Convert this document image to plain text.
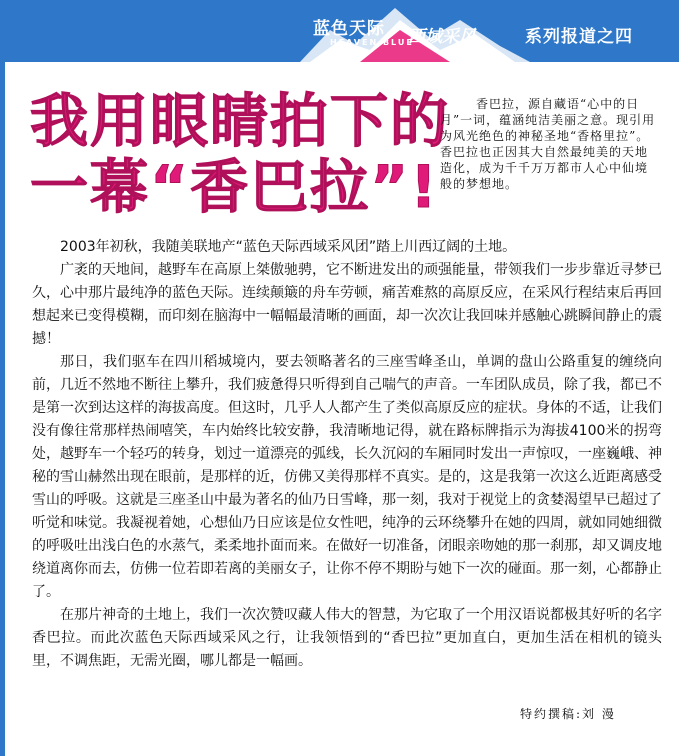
蓝色天际
HEAVEN BLUE
西域采风	系列报道之四
我用眼睛拍下的
一幕“香巴拉”!
香巴拉，源自藏语“心中的日月”一词，蕴涵纯洁美丽之意。现引用为风光绝色的神秘圣地“香格里拉”。香巴拉也正因其大自然最纯美的天地造化，成为千千万万都市人心中仙境般的梦想地。

2003年初秋，我随美联地产“蓝色天际西域采风团”踏上川西辽阔的土地。

广袤的天地间，越野车在高原上桀傲驰骋，它不断进发出的顽强能量，带领我们一步步靠近寻梦已久，心中那片最纯净的蓝色天际。连续颠簸的舟车劳顿，痛苦难熬的高原反应，在采风行程结束后再回想起来已变得模糊，而印刻在脑海中一幅幅最清晰的画面，却一次次让我回味并感触心跳瞬间静止的震撼！

那日，我们驱车在四川稻城境内，要去领略著名的三座雪峰圣山，单调的盘山公路重复的缠绕向前，几近不然地不断往上攀升，我们疲惫得只听得到自己喘气的声音。一车团队成员，除了我，都已不是第一次到达这样的海拔高度。但这时，几乎人人都产生了类似高原反应的症状。身体的不适，让我们没有像往常那样热闹嘻笑，车内始终比较安静，我清晰地记得，就在路标牌指示为海拔4100米的拐弯处，越野车一个轻巧的转身，划过一道漂亮的弧线，长久沉闷的车厢同时发出一声惊叹，一座巍峨、神秘的雪山赫然出现在眼前，是那样的近，仿佛又美得那样不真实。是的，这是我第一次这么近距离感受雪山的呼吸。这就是三座圣山中最为著名的仙乃日雪峰，那一刻，我对于视觉上的贪婪渴望早已超过了听觉和味觉。我凝视着她，心想仙乃日应该是位女性吧，纯净的云环绕攀升在她的四周，就如同她细微的呼吸吐出浅白色的水蒸气，柔柔地扑面而来。在做好一切准备，闭眼亲吻她的那一刹那，却又调皮地绕道离你而去，仿佛一位若即若离的美丽女子，让你不停不期盼与她下一次的碰面。那一刻，心都静止了。

在那片神奇的土地上，我们一次次赞叹藏人伟大的智慧，为它取了一个用汉语说都极其好听的名字香巴拉。而此次蓝色天际西域采风之行，让我领悟到的“香巴拉”更加直白，更加生活在相机的镜头里，不调焦距，无需光圈，哪儿都是一幅画。

特约撰稿:刘 漫
